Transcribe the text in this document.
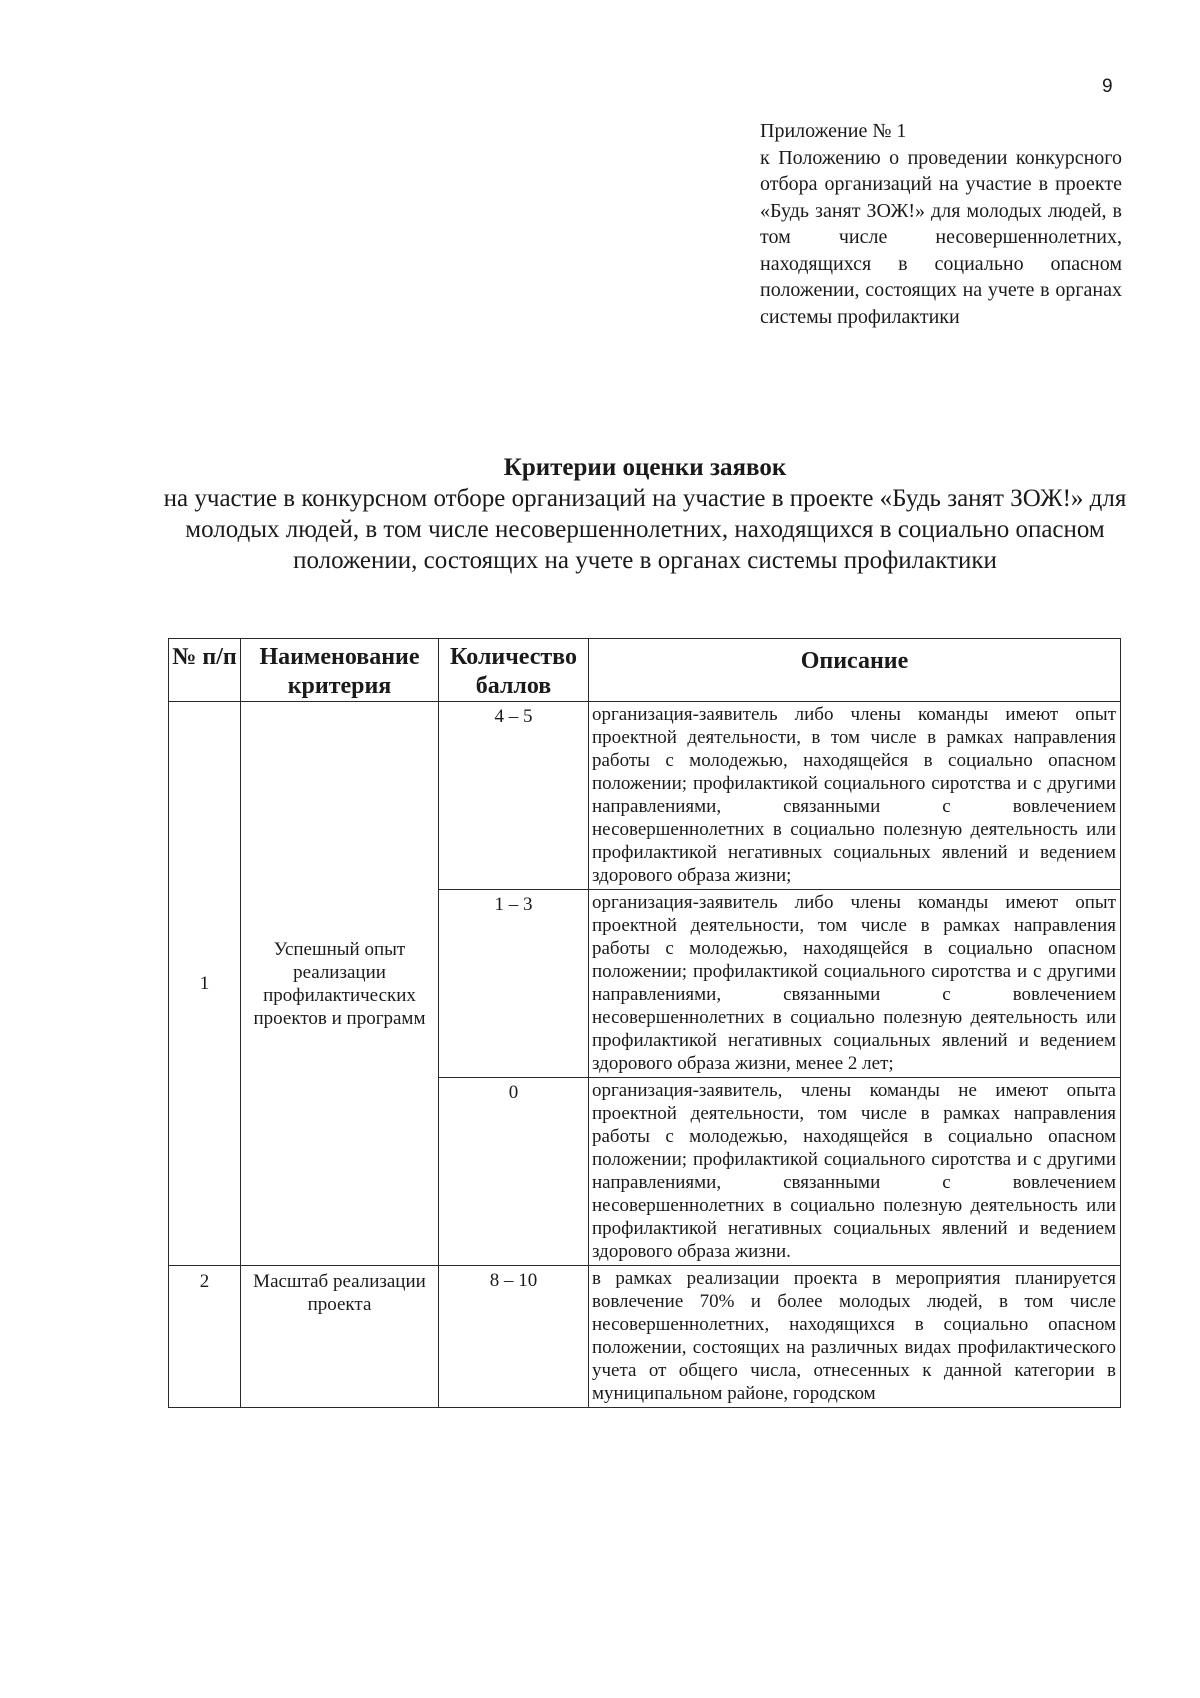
9
Приложение № 1
к Положению о проведении конкурсного отбора организаций на участие в проекте «Будь занят ЗОЖ!» для молодых людей, в том числе несовершеннолетних, находящихся в социально опасном положении, состоящих на учете в органах системы профилактики
Критерии оценки заявок
на участие в конкурсном отборе организаций на участие в проекте «Будь занят ЗОЖ!» для молодых людей, в том числе несовершеннолетних, находящихся в социально опасном положении, состоящих на учете в органах системы профилактики
№ п/п	Наименование критерия	Количество баллов	Описание
1	Успешный опыт реализации профилактических проектов и программ	4 – 5	организация-заявитель либо члены команды имеют опыт проектной деятельности, в том числе в рамках направления работы с молодежью, находящейся в социально опасном положении; профилактикой социального сиротства и с другими направлениями, связанными с вовлечением несовершеннолетних в социально полезную деятельность или профилактикой негативных социальных явлений и ведением здорового образа жизни;
		1 – 3	организация-заявитель либо члены команды имеют опыт проектной деятельности, том числе в рамках направления работы с молодежью, находящейся в социально опасном положении; профилактикой социального сиротства и с другими направлениями, связанными с вовлечением несовершеннолетних в социально полезную деятельность или профилактикой негативных социальных явлений и ведением здорового образа жизни, менее 2 лет;
		0	организация-заявитель, члены команды не имеют опыта проектной деятельности, том числе в рамках направления работы с молодежью, находящейся в социально опасном положении; профилактикой социального сиротства и с другими направлениями, связанными с вовлечением несовершеннолетних в социально полезную деятельность или профилактикой негативных социальных явлений и ведением здорового образа жизни.
2	Масштаб реализации проекта	8 – 10	в рамках реализации проекта в мероприятия планируется вовлечение 70% и более молодых людей, в том числе несовершеннолетних, находящихся в социально опасном положении, состоящих на различных видах профилактического учета от общего числа, отнесенных к данной категории в муниципальном районе, городском
